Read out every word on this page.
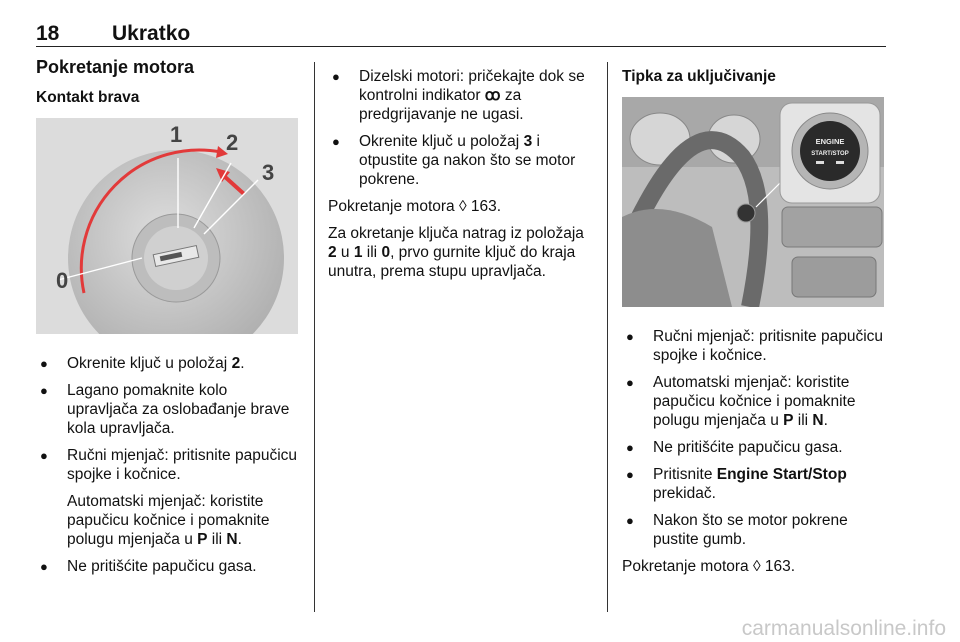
18	Ukratko
Pokretanje motora
Kontakt brava
0
1 2
3
● Okrenite ključ u položaj 2.
● Lagano pomaknite kolo upravljača za oslobađanje brave kola upravljača.
● Ručni mjenjač: pritisnite papučicu spojke i kočnice.
Automatski mjenjač: koristite papučicu kočnice i pomaknite polugu mjenjača u P ili N.
● Ne pritišćite papučicu gasa.
● Dizelski motori: pričekajte dok se kontrolni indikator ꝏ za predgrijavanje ne ugasi.
● Okrenite ključ u položaj 3 i otpustite ga nakon što se motor pokrene.

Pokretanje motora ◊ 163.

Za okretanje ključa natrag iz položaja 2 u 1 ili 0, prvo gurnite ključ do kraja unutra, prema stupu upravljača.

Tipka za uključivanje
ENGINE
START/STOP
● Ručni mjenjač: pritisnite papučicu spojke i kočnice.
● Automatski mjenjač: koristite papučicu kočnice i pomaknite polugu mjenjača u P ili N.
● Ne pritišćite papučicu gasa.
● Pritisnite Engine Start/Stop prekidač.
● Nakon što se motor pokrene pustite gumb.

Pokretanje motora ◊ 163.

carmanualsonline.info
